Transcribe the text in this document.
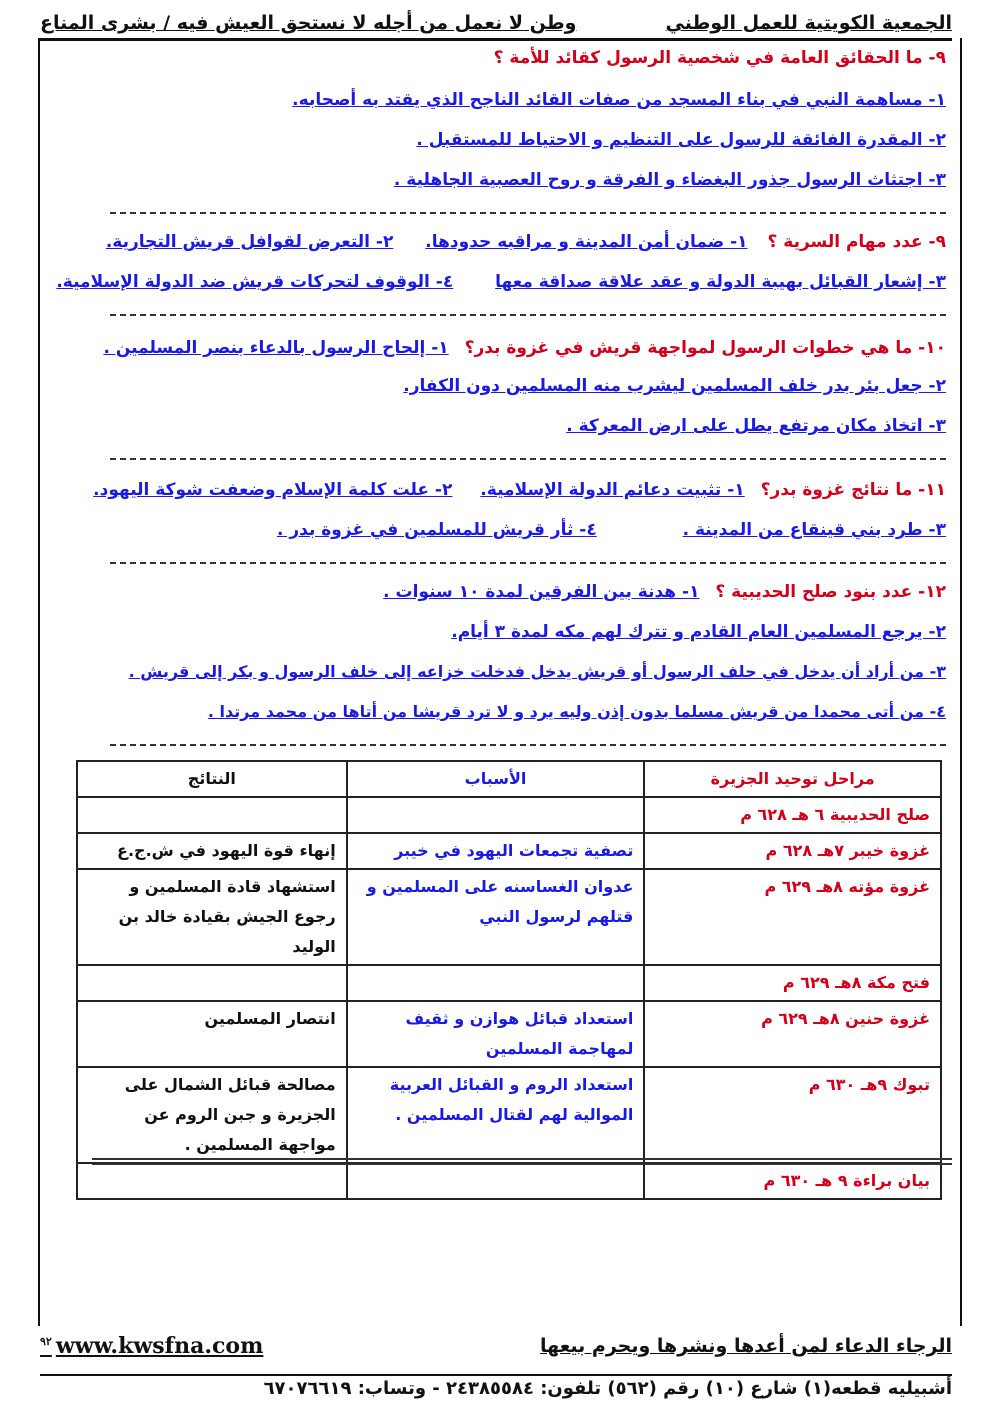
الجمعية الكويتية للعمل الوطني
وطن لا نعمل من أجله لا نستحق العيش فيه / بشرى المناع
٩- ما الحقائق العامة في شخصية الرسول كقائد للأمة ؟
١- مساهمة النبي في بناء المسجد من صفات القائد الناجح الذي يقتد به أصحابه.
٢- المقدرة الفائقة للرسول على التنظيم و الاحتياط للمستقبل .
٣- اجتثاث الرسول جذور البغضاء و الفرقة و روح العصبية الجاهلية .
٩- عدد مهام السرية ؟ ١- ضمان أمن المدينة و مراقبه حدودها. ٢- التعرض لقوافل قريش التجارية.
٣- إشعار القبائل بهيبة الدولة و عقد علاقة صداقة معها ٤- الوقوف لتحركات قريش ضد الدولة الإسلامية.
١٠- ما هي خطوات الرسول لمواجهة قريش في غزوة بدر؟ ١- إلحاح الرسول بالدعاء بنصر المسلمين .
٢- جعل بئر بدر خلف المسلمين ليشرب منه المسلمين دون الكفار.
٣- اتخاذ مكان مرتفع يطل على ارض المعركة .
١١- ما نتائج غزوة بدر؟ ١- تثبيت دعائم الدولة الإسلامية. ٢- علت كلمة الإسلام وضعفت شوكة اليهود.
٣- طرد بني قينقاع من المدينة . ٤- ثأر قريش للمسلمين في غزوة بدر .
١٢- عدد بنود صلح الحديبية ؟ ١- هدنة بين الفرقين لمدة ١٠ سنوات .
٢- يرجع المسلمين العام القادم و تترك لهم مكه لمدة ٣ أيام.
٣- من أراد أن يدخل في حلف الرسول أو قريش يدخل فدخلت خزاعه إلى خلف الرسول و بكر إلى قريش .
٤- من أتى محمدا من قريش مسلما بدون إذن وليه يرد و لا ترد قريشا من أتاها من محمد مرتدا .
مراحل توحيد الجزيرة	الأسباب	النتائج
صلح الحديبية ٦ هـ ٦٢٨ م		
غزوة خيبر ٧هـ ٦٢٨ م	تصفية تجمعات اليهود في خيبر	إنهاء قوة اليهود في ش.ج.ع
غزوة مؤته ٨هـ ٦٢٩ م	عدوان الغساسنه على المسلمين و قتلهم لرسول النبي	استشهاد قادة المسلمين و رجوع الجيش بقيادة خالد بن الوليد
فتح مكة ٨هـ ٦٢٩ م		
غزوة حنين ٨هـ ٦٢٩ م	استعداد قبائل هوازن و ثقيف لمهاجمة المسلمين	انتصار المسلمين
تبوك ٩هـ ٦٣٠ م	استعداد الروم و القبائل العربية الموالية لهم لقتال المسلمين .	مصالحة قبائل الشمال على الجزيرة و جبن الروم عن مواجهة المسلمين .
بيان براءة ٩ هـ ٦٣٠ م		
$^{٩٢}$ www.kwsfna.com	الرجاء الدعاء لمن أعدها ونشرها ويحرم بيعها
أشبيليه قطعه(١) شارع (١٠) رقم (٥٦٢) تلفون: ٢٤٣٨٥٥٨٤ - وتساب: ٦٧٠٧٦٦١٩
